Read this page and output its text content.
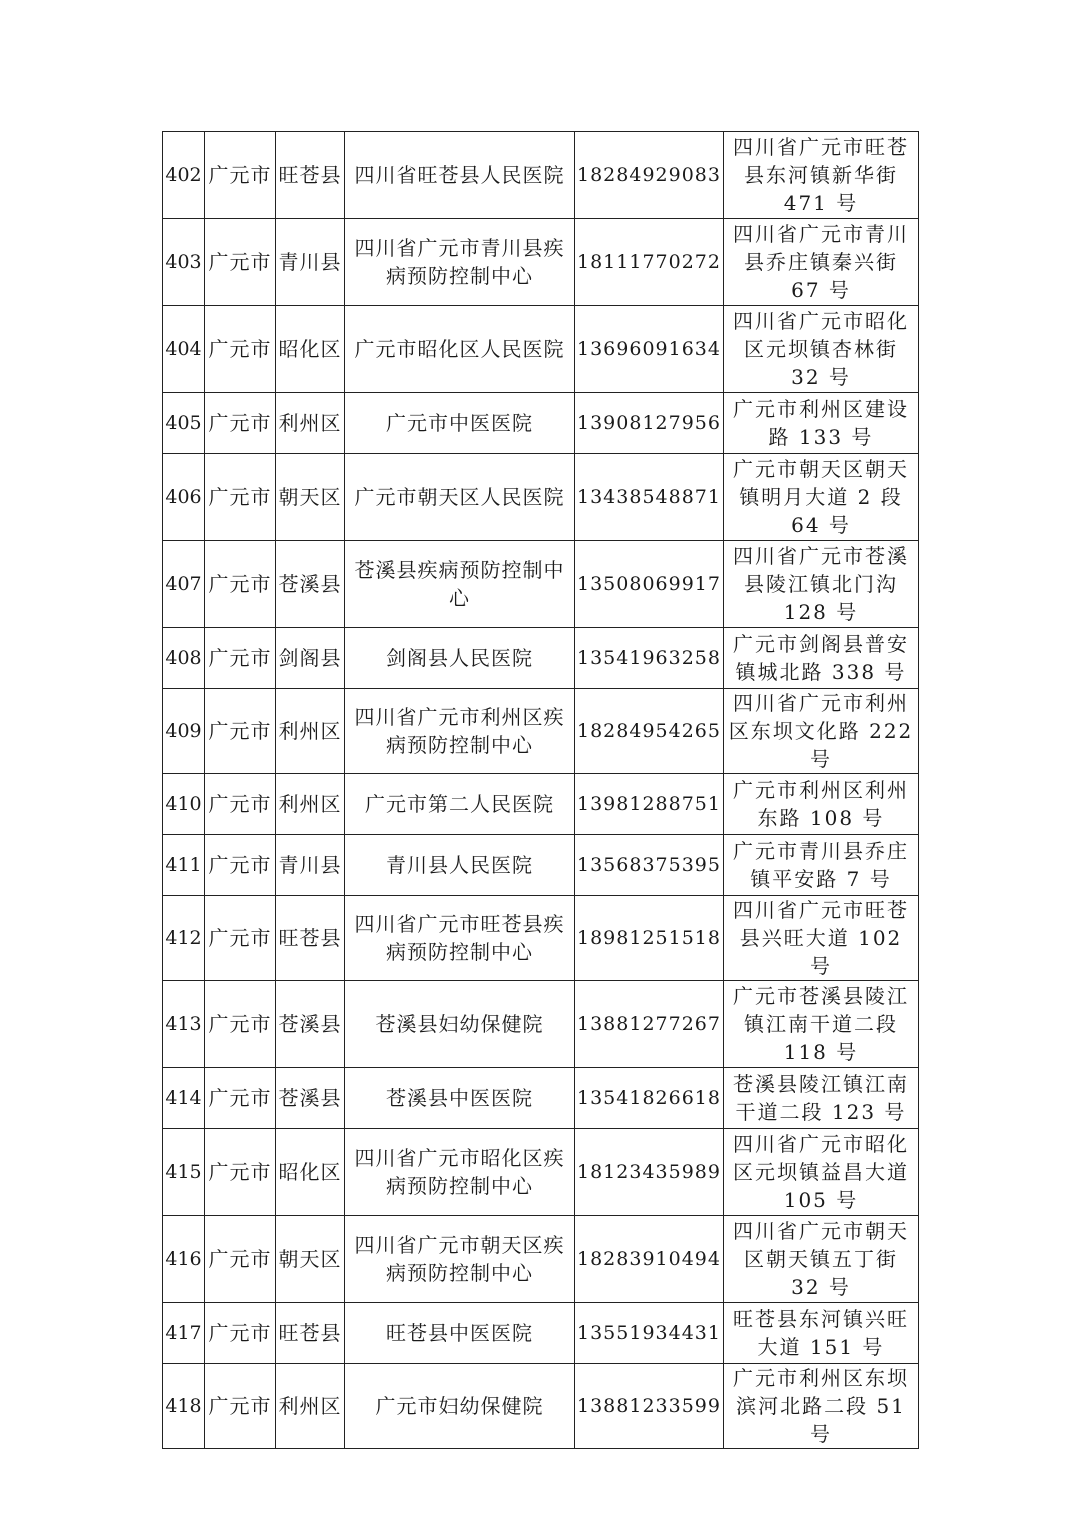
402	广元市	旺苍县	四川省旺苍县人民医院	18284929083	四川省广元市旺苍县东河镇新华街 471 号
403	广元市	青川县	四川省广元市青川县疾病预防控制中心	18111770272	四川省广元市青川县乔庄镇秦兴街 67 号
404	广元市	昭化区	广元市昭化区人民医院	13696091634	四川省广元市昭化区元坝镇杏林街 32 号
405	广元市	利州区	广元市中医医院	13908127956	广元市利州区建设路 133 号
406	广元市	朝天区	广元市朝天区人民医院	13438548871	广元市朝天区朝天镇明月大道 2 段 64 号
407	广元市	苍溪县	苍溪县疾病预防控制中心	13508069917	四川省广元市苍溪县陵江镇北门沟 128 号
408	广元市	剑阁县	剑阁县人民医院	13541963258	广元市剑阁县普安镇城北路 338 号
409	广元市	利州区	四川省广元市利州区疾病预防控制中心	18284954265	四川省广元市利州区东坝文化路 222 号
410	广元市	利州区	广元市第二人民医院	13981288751	广元市利州区利州东路 108 号
411	广元市	青川县	青川县人民医院	13568375395	广元市青川县乔庄镇平安路 7 号
412	广元市	旺苍县	四川省广元市旺苍县疾病预防控制中心	18981251518	四川省广元市旺苍县兴旺大道 102 号
413	广元市	苍溪县	苍溪县妇幼保健院	13881277267	广元市苍溪县陵江镇江南干道二段 118 号
414	广元市	苍溪县	苍溪县中医医院	13541826618	苍溪县陵江镇江南干道二段 123 号
415	广元市	昭化区	四川省广元市昭化区疾病预防控制中心	18123435989	四川省广元市昭化区元坝镇益昌大道 105 号
416	广元市	朝天区	四川省广元市朝天区疾病预防控制中心	18283910494	四川省广元市朝天区朝天镇五丁街 32 号
417	广元市	旺苍县	旺苍县中医医院	13551934431	旺苍县东河镇兴旺大道 151 号
418	广元市	利州区	广元市妇幼保健院	13881233599	广元市利州区东坝滨河北路二段 51 号
